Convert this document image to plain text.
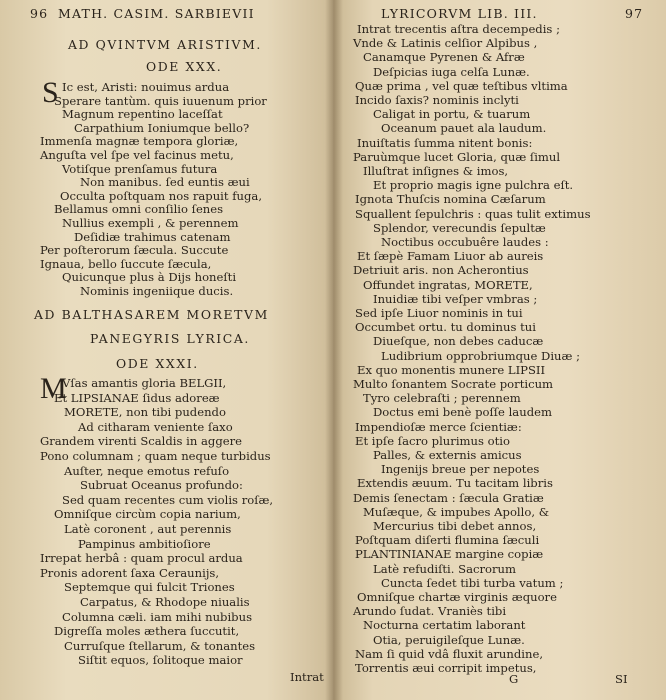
96 MATH. CASIM. SARBIEVII
AD QVINTVM ARISTIVM.
ODE XXX.
S Ic est, Aristi: nouimus ardua
Sperare tantùm. quis iuuenum prior
Magnum repentino laceſſat
Carpathium Ioniumque bello?
Immenſa magnæ tempora gloriæ,
Anguſta vel ſpe vel facinus metu,
Votiſque prenſamus futura
Non manibus. ſed euntis æui
Occulta poſtquam nos rapuit fuga,
Bellamus omni conſilio ſenes
Nullius exempli , & perennem
Deſidiæ trahimus catenam
Per poſterorum ſæcula. Succute
Ignaua, bello ſuccute ſæcula,
Quicunque plus à Dijs honeſti
Nominis ingeniique ducis.
AD BALTHASAREM MORETVM
PANEGYRIS LYRICA.
ODE XXXI.
M
Vſas amantis gloria BELGII,
Et LIPSIANAE ſidus adoreæ
MORETE, non tibi pudendo
Ad citharam veniente ſaxo
Grandem virenti Scaldis in aggere
Pono columnam ; quam neque turbidus
Auſter, neque emotus refuſo
Subruat Oceanus profundo:
Sed quam recentes cum violis roſæ,
Omniſque circùm copia narium,
Latè coronent , aut perennis
Pampinus ambitioſiore
Irrepat herbâ : quam procul ardua
Pronis adorent ſaxa Ceraunijs,
Septemque qui fulcit Triones
Carpatus, & Rhodope niualis
Columna cæli. iam mihi nubibus
Digreſſa moles æthera ſuccutit,
Curruſque ſtellarum, & tonantes
Siſtit equos, ſolitoque maior
Intrat
LYRICORVM LIB. III.	97
Intrat trecentis aſtra decempedis ;
Vnde & Latinis celſior Alpibus ,
Canamque Pyrenen & Afræ
Deſpicias iuga celſa Lunæ.
Quæ prima , vel quæ teſtibus vltima
Incido ſaxis? nominis inclyti
Caligat in portu, & tuarum
Oceanum pauet ala laudum.
Inuiſtatis ſumma nitent bonis:
Paruùmque lucet Gloria, quæ ſimul
Illuſtrat inſignes & imos,
Et proprio magis igne pulchra eſt.
Ignota Thuſcis nomina Cæſarum
Squallent ſepulchris : quas tulit extimus
Splendor, verecundis ſepultæ
Noctibus occubuêre laudes :
Et ſæpè Famam Liuor ab aureis
Detriuit aris. non Acherontius
Offundet ingratas, MORETE,
Inuidiæ tibi veſper vmbras ;
Sed ipſe Liuor nominis in tui
Occumbet ortu. tu dominus tui
Diueſque, non debes caducæ
Ludibrium opprobriumque Diuæ ;
Ex quo monentis munere LIPSII
Multo ſonantem Socrate porticum
Tyro celebraſti ; perennem
Doctus emi benè poſſe laudem
Impendioſæ merce ſcientiæ:
Et ipſe ſacro plurimus otio
Palles, & externis amicus
Ingenijs breue per nepotes
Extendis æuum. Tu tacitam libris
Demis ſenectam : ſæcula Gratiæ
Muſæque, & impubes Apollo, &
Mercurius tibi debet annos,
Poſtquam diſerti flumina ſæculi
PLANTINIANAE margine copiæ
Latè refudiſti. Sacrorum
Cuncta ſedet tibi turba vatum ;
Omniſque chartæ virginis æquore
Arundo ſudat. Vraniès tibi
Nocturna certatim laborant
Otia, peruigileſque Lunæ.
Nam ſi quid vdâ fluxit arundine,
Torrentis æui corripit impetus,
G	SI
